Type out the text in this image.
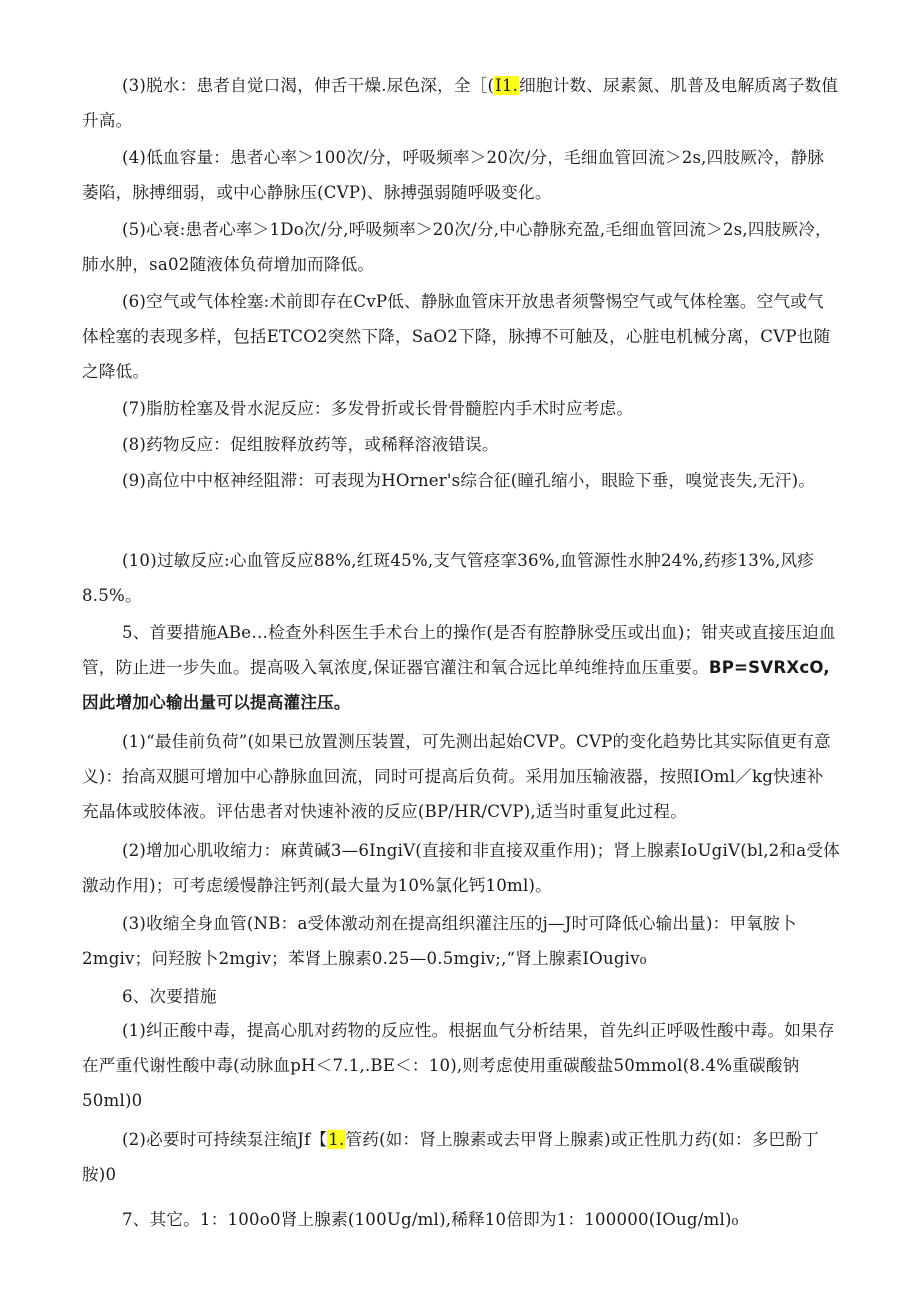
(3)脱水：患者自觉口渴，伸舌干燥.尿色深，全［(I1.细胞计数、尿素氮、肌普及电解质离子数值升高。

(4)低血容量：患者心率＞100次/分，呼吸频率＞20次/分，毛细血管回流＞2s,四肢厥冷，静脉萎陷，脉搏细弱，或中心静脉压(CVP)、脉搏强弱随呼吸变化。

(5)心衰:患者心率＞1Do次/分,呼吸频率＞20次/分,中心静脉充盈,毛细血管回流＞2s,四肢厥冷，肺水肿，sa02随液体负荷增加而降低。

(6)空气或气体栓塞:术前即存在CvP低、静脉血管床开放患者须警惕空气或气体栓塞。空气或气体栓塞的表现多样，包括ETCO2突然下降，SaO2下降，脉搏不可触及，心脏电机械分离，CVP也随之降低。

(7)脂肪栓塞及骨水泥反应：多发骨折或长骨骨髓腔内手术时应考虑。

(8)药物反应：促组胺释放药等，或稀释溶液错误。

(9)高位中中枢神经阻滞：可表现为HOrner's综合征(瞳孔缩小，眼睑下垂，嗅觉丧失,无汗)。

(10)过敏反应:心血管反应88%,红斑45%,支气管痉挛36%,血管源性水肿24%,药疹13%,风疹8.5%。

5、首要措施ABe…检查外科医生手术台上的操作(是否有腔静脉受压或出血)；钳夹或直接压迫血管，防止进一步失血。提高吸入氧浓度,保证器官灌注和氧合远比单纯维持血压重要。BP=SVRXcO,因此增加心输出量可以提高灌注压。

(1)“最佳前负荷”(如果已放置测压装置，可先测出起始CVP。CVP的变化趋势比其实际值更有意义)：抬高双腿可增加中心静脉血回流，同时可提高后负荷。采用加压输液器，按照IOml／kg快速补充晶体或胶体液。评估患者对快速补液的反应(BP/HR/CVP),适当时重复此过程。

(2)增加心肌收缩力：麻黄碱3—6IngiV(直接和非直接双重作用)；肾上腺素IoUgiV(bl,2和a受体激动作用)；可考虑缓慢静注钙剂(最大量为10%氯化钙10ml)。

(3)收缩全身血管(NB：a受体激动剂在提高组织灌注压的j—J时可降低心输出量)：甲氧胺卜2mgiv；问羟胺卜2mgiv；苯肾上腺素0.25—0.5mgiv;,“肾上腺素IOugiv₀

6、次要措施

(1)纠正酸中毒，提高心肌对药物的反应性。根据血气分析结果，首先纠正呼吸性酸中毒。如果存在严重代谢性酸中毒(动脉血pH＜7.1,.BE＜：10),则考虑使用重碳酸盐50mmol(8.4%重碳酸钠50ml)0

(2)必要时可持续泵注缩Jf【1.管药(如：肾上腺素或去甲肾上腺素)或正性肌力药(如：多巴酚丁胺)0

7、其它。1：100o0肾上腺素(100Ug/ml),稀释10倍即为1：100000(IOug/ml)₀
